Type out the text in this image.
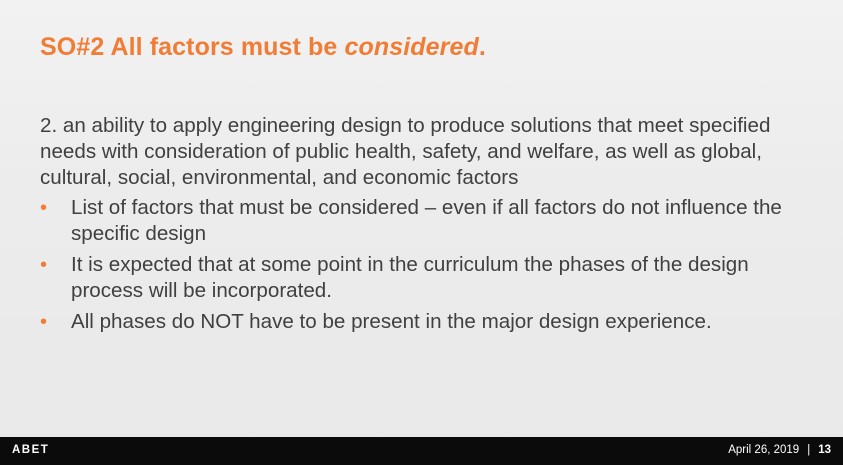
SO#2 All factors must be considered.

2. an ability to apply engineering design to produce solutions that meet specified needs with consideration of public health, safety, and welfare, as well as global, cultural, social, environmental, and economic factors

• List of factors that must be considered – even if all factors do not influence the specific design
• It is expected that at some point in the curriculum the phases of the design process will be incorporated.
• All phases do NOT have to be present in the major design experience.
ABET	April 26, 2019 | 13
